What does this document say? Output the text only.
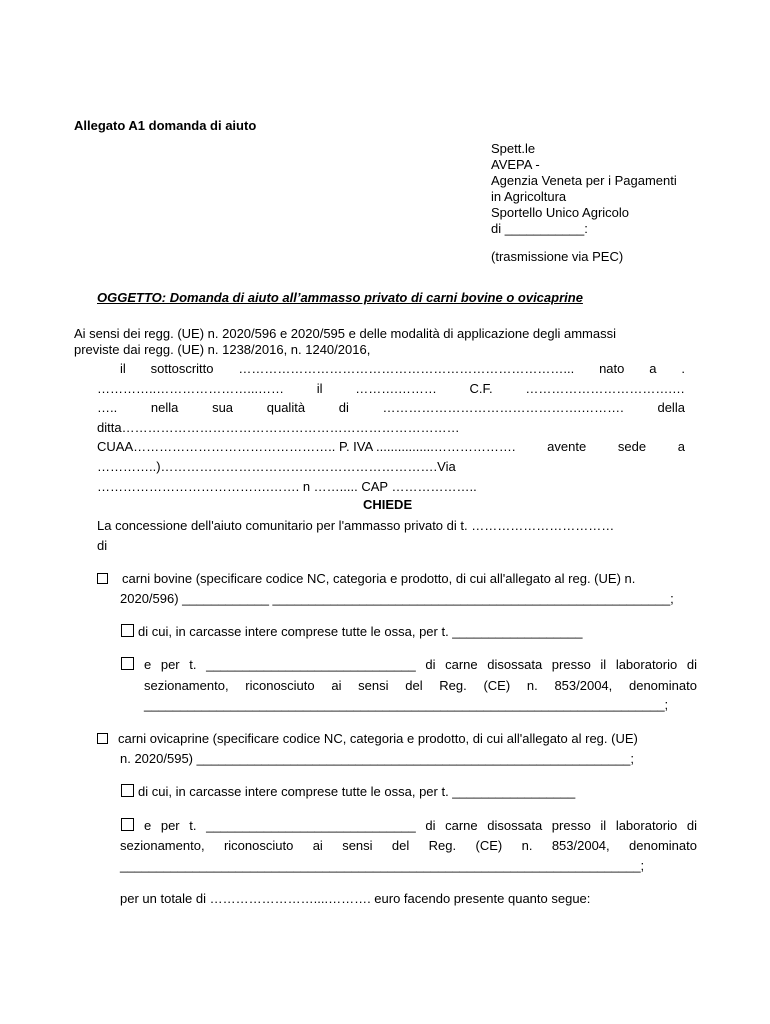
Allegato A1 domanda di aiuto
Spett.le
AVEPA -
Agenzia Veneta per i Pagamenti
in Agricoltura
Sportello Unico Agricolo
di ___________:
(trasmissione via PEC)
OGGETTO: Domanda di aiuto all’ammasso privato di carni bovine o ovicaprine
Ai sensi dei regg. (UE) n. 2020/596 e 2020/595 e delle modalità di applicazione degli ammassi
previste dai regg. (UE) n. 1238/2016, n. 1240/2016,
il sottoscritto …………………………………………………………………... nato a .
…………..…………………...……	il	……….………	C.F.	…………………………….…
…..	nella	sua	qualità	di	……………………………………….……….	della
ditta……………………………………………………………………
CUAA……………………………………….. P. IVA ................………………. avente sede a
…………..)……………………………………………………….Via
………………………………….……. n ……..... CAP ………………..
CHIEDE
La concessione dell'aiuto comunitario per l'ammasso privato di t. ……………………………
di
carni bovine (specificare codice NC, categoria e prodotto, di cui all'allegato al reg. (UE) n.
2020/596) ____________ _______________________________________________________;
di cui, in carcasse intere comprese tutte le ossa, per t. __________________
e per t. _____________________________ di carne disossata presso il laboratorio di
sezionamento, riconosciuto ai sensi del Reg. (CE) n. 853/2004, denominato
________________________________________________________________________;
carni ovicaprine (specificare codice NC, categoria e prodotto, di cui all'allegato al reg. (UE)
n. 2020/595) ____________________________________________________________;
di cui, in carcasse intere comprese tutte le ossa, per t. _________________
e per t. _____________________________ di carne disossata presso il laboratorio di
sezionamento, riconosciuto ai sensi del Reg. (CE) n. 853/2004, denominato
________________________________________________________________________;
per un totale di ……………………....………. euro facendo presente quanto segue:
